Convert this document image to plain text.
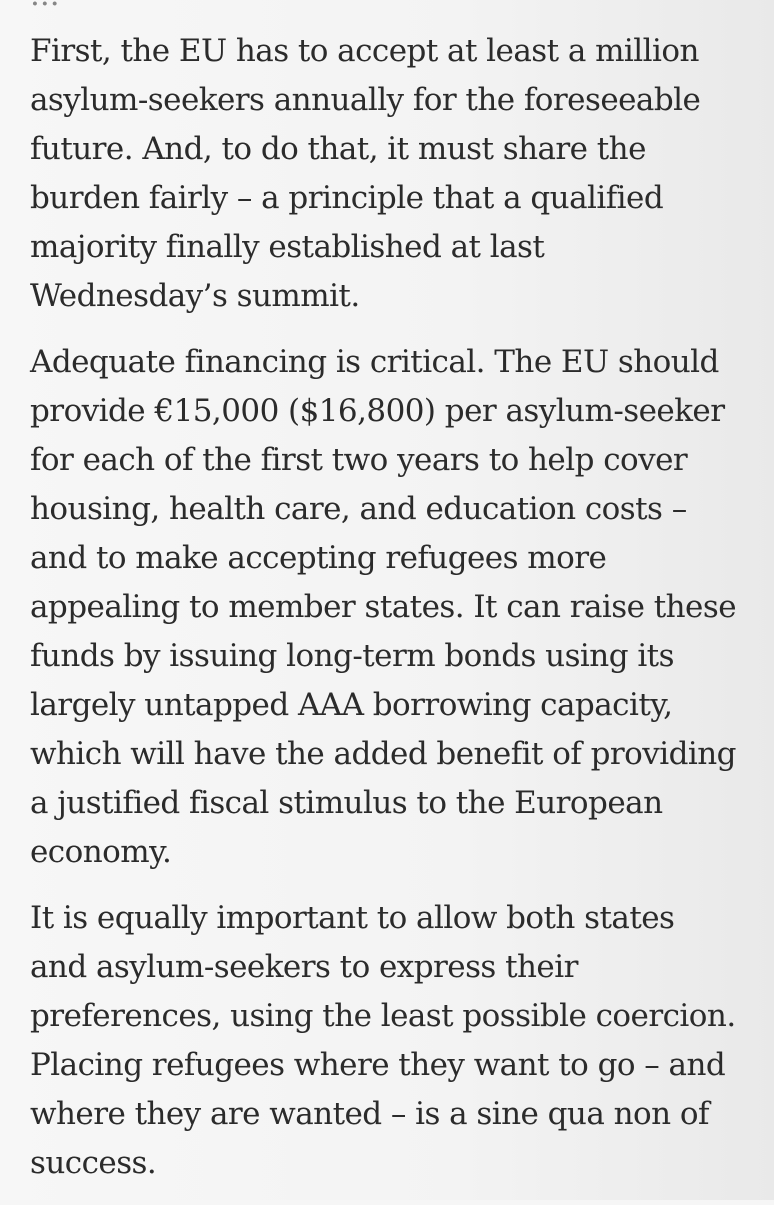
First, the EU has to accept at least a million
asylum-seekers annually for the foreseeable
future. And, to do that, it must share the
burden fairly – a principle that a qualified
majority finally established at last
Wednesday’s summit.

Adequate financing is critical. The EU should
provide €15,000 ($16,800) per asylum-seeker
for each of the first two years to help cover
housing, health care, and education costs –
and to make accepting refugees more
appealing to member states. It can raise these
funds by issuing long-term bonds using its
largely untapped AAA borrowing capacity,
which will have the added benefit of providing
a justified fiscal stimulus to the European
economy.

It is equally important to allow both states
and asylum-seekers to express their
preferences, using the least possible coercion.
Placing refugees where they want to go – and
where they are wanted – is a sine qua non of
success.
